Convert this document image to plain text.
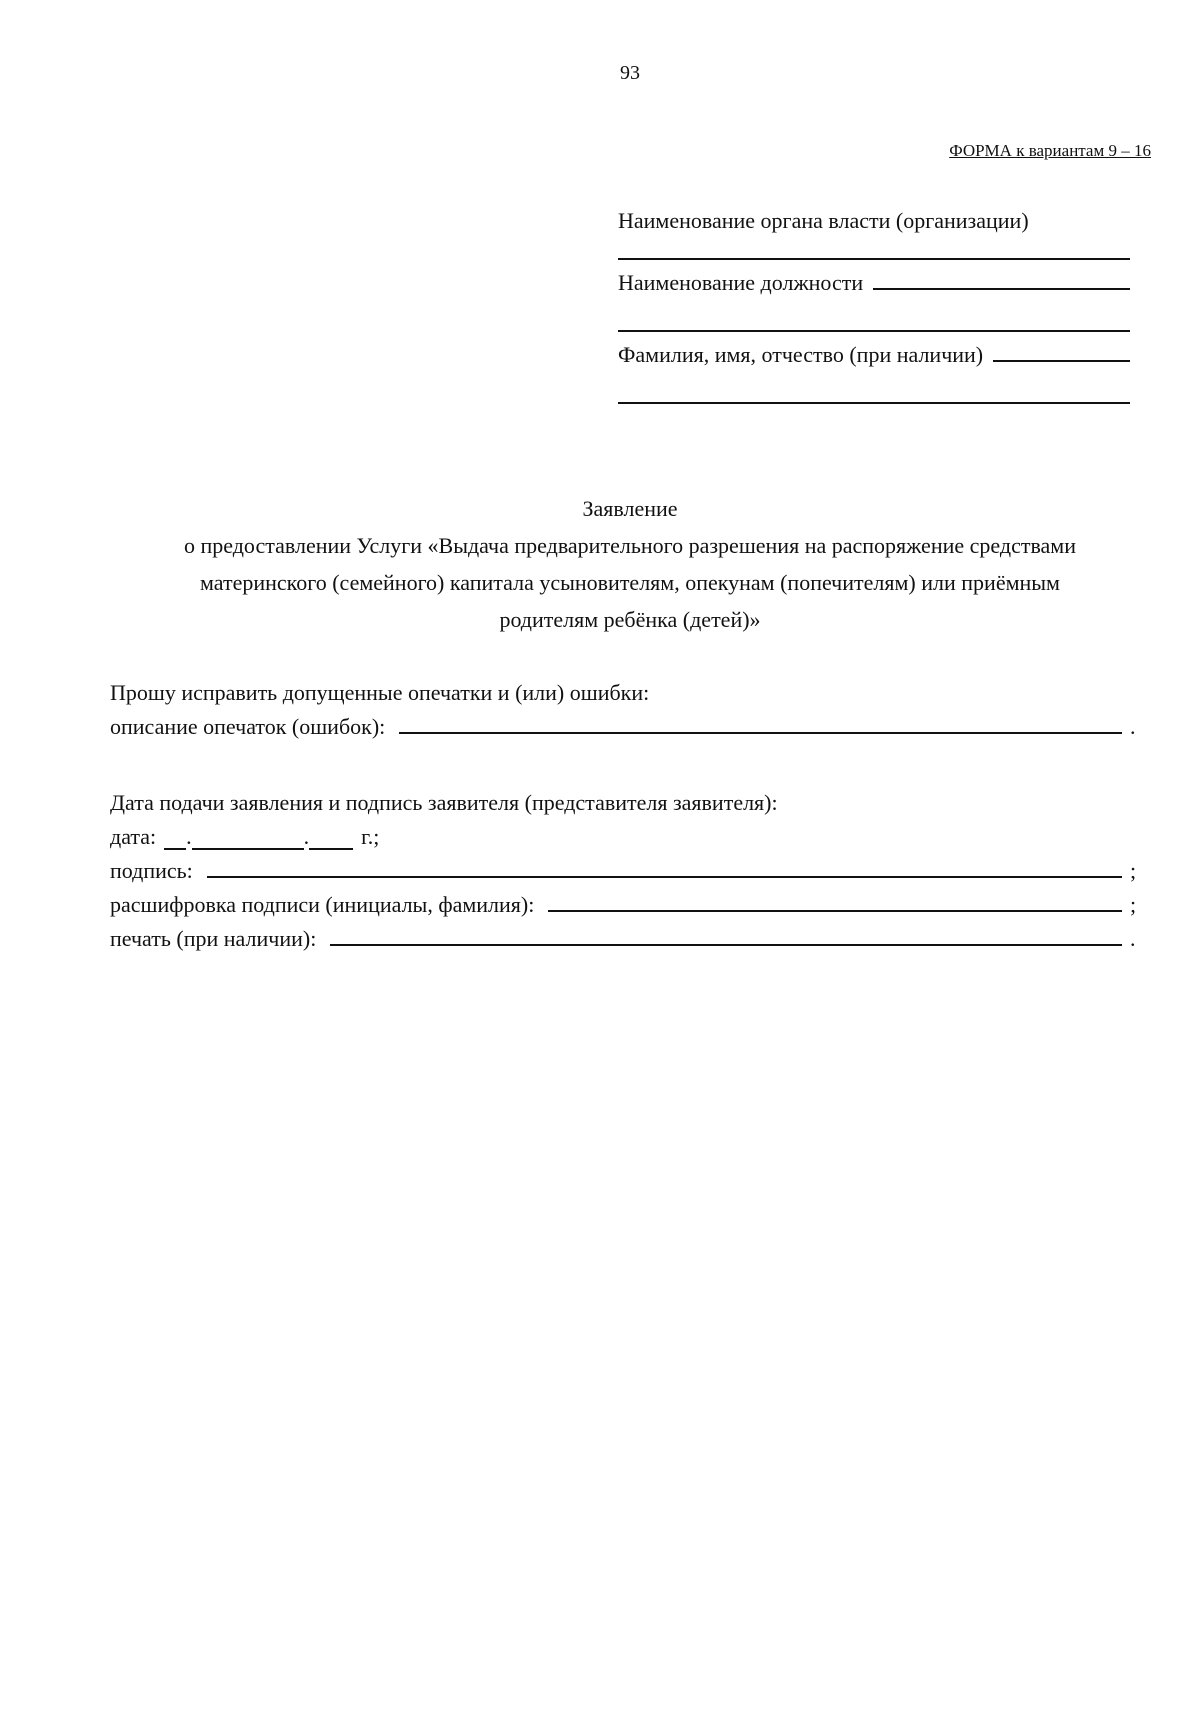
93
ФОРМА к вариантам 9 – 16
Наименование органа власти (организации)
Наименование должности
Фамилия, имя, отчество (при наличии)
Заявление
о предоставлении Услуги «Выдача предварительного разрешения на распоряжение средствами
материнского (семейного) капитала усыновителям, опекунам (попечителям) или приёмным
родителям ребёнка (детей)»
Прошу исправить допущенные опечатки и (или) ошибки:
описание опечаток (ошибок):	.
Дата подачи заявления и подпись заявителя (представителя заявителя):
дата: .	. г.;
подпись:	;
расшифровка подписи (инициалы, фамилия):	;
печать (при наличии):	.
